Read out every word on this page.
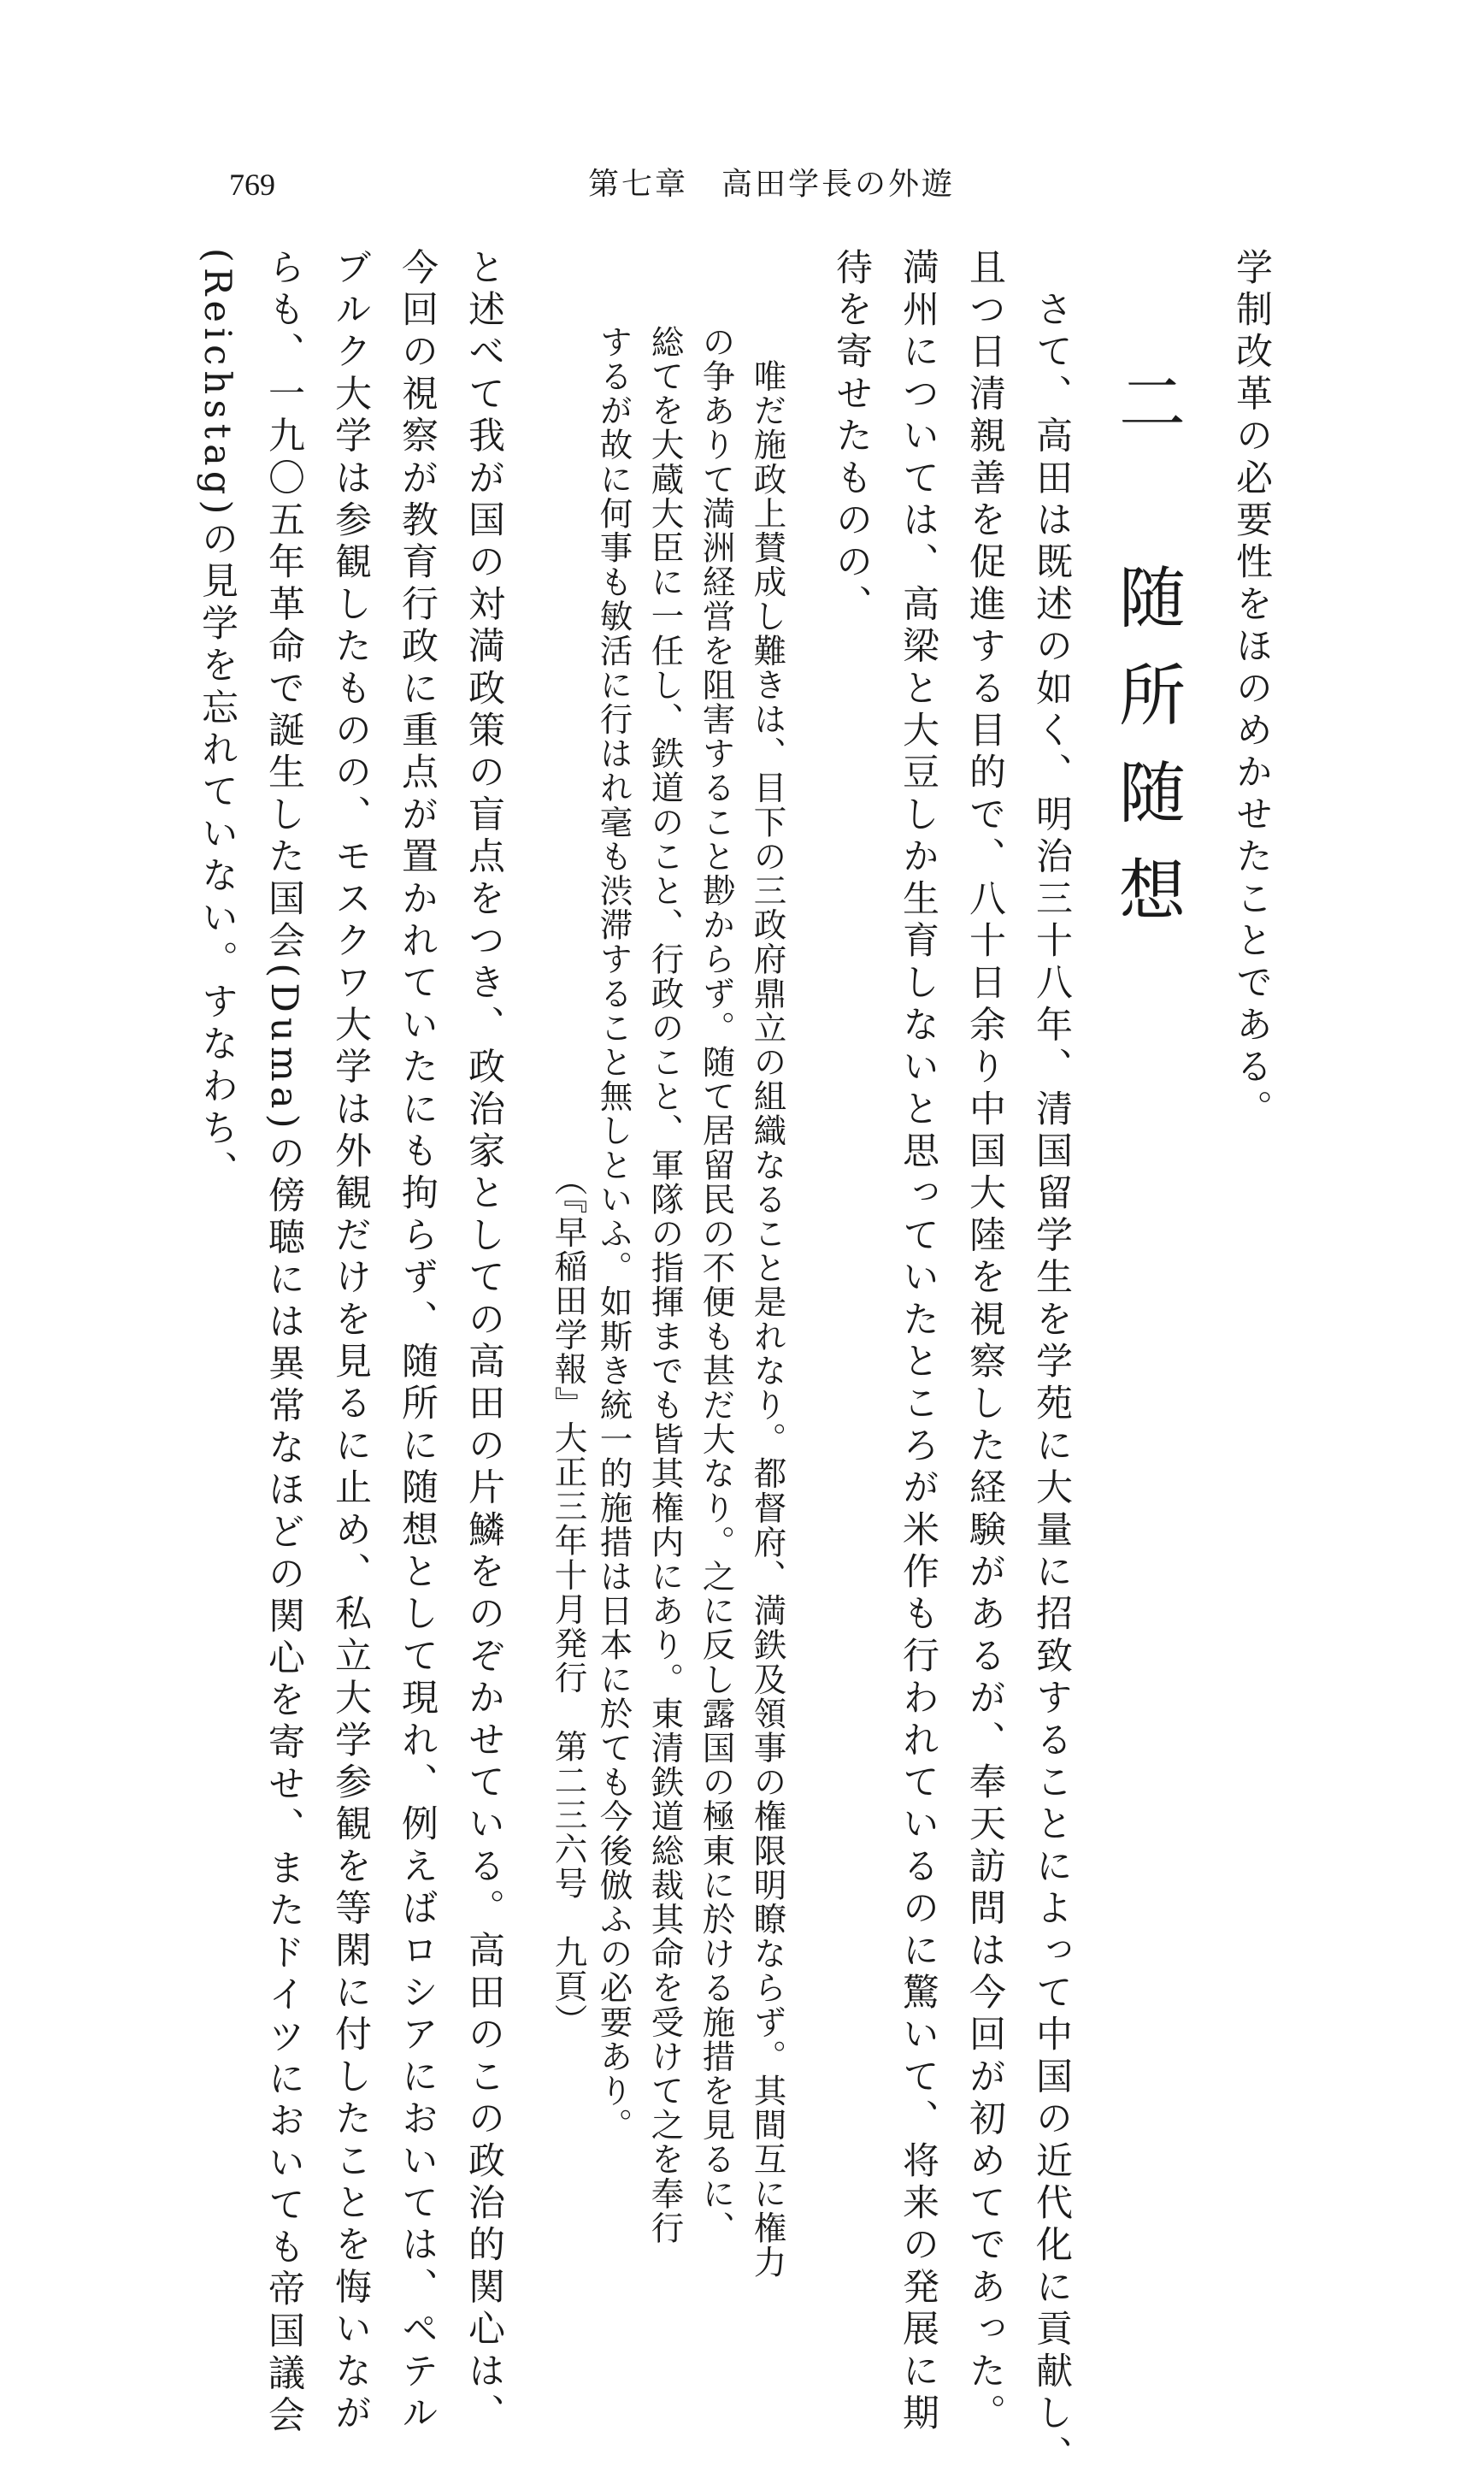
769	第七章　高田学長の外遊
学制改革の必要性をほのめかせたことである。
二　随所随想
　さて、高田は既述の如く、明治三十八年、清国留学生を学苑に大量に招致することによって中国の近代化に貢献し、
且つ日清親善を促進する目的で、八十日余り中国大陸を視察した経験があるが、奉天訪問は今回が初めてであった。
満州については、高梁と大豆しか生育しないと思っていたところが米作も行われているのに驚いて、将来の発展に期
待を寄せたものの、
　唯だ施政上賛成し難きは、目下の三政府鼎立の組織なること是れなり。都督府、満鉄及領事の権限明瞭ならず。其間互に権力
の争ありて満洲経営を阻害すること尠からず。随て居留民の不便も甚だ大なり。之に反し露国の極東に於ける施措を見るに、
総てを大蔵大臣に一任し、鉄道のこと、行政のこと、軍隊の指揮までも皆其権内にあり。東清鉄道総裁其命を受けて之を奉行
するが故に何事も敏活に行はれ毫も渋滞すること無しといふ。如斯き統一的施措は日本に於ても今後倣ふの必要あり。
（『早稲田学報』大正三年十月発行　第二三六号　九頁）
と述べて我が国の対満政策の盲点をつき、政治家としての高田の片鱗をのぞかせている。高田のこの政治的関心は、
今回の視察が教育行政に重点が置かれていたにも拘らず、随所に随想として現れ、例えばロシアにおいては、ペテル
ブルク大学は参観したものの、モスクワ大学は外観だけを見るに止め、私立大学参観を等閑に付したことを悔いなが
らも、一九〇五年革命で誕生した国会(Duma)の傍聴には異常なほどの関心を寄せ、またドイツにおいても帝国議会
(Reichstag)の見学を忘れていない。すなわち、
